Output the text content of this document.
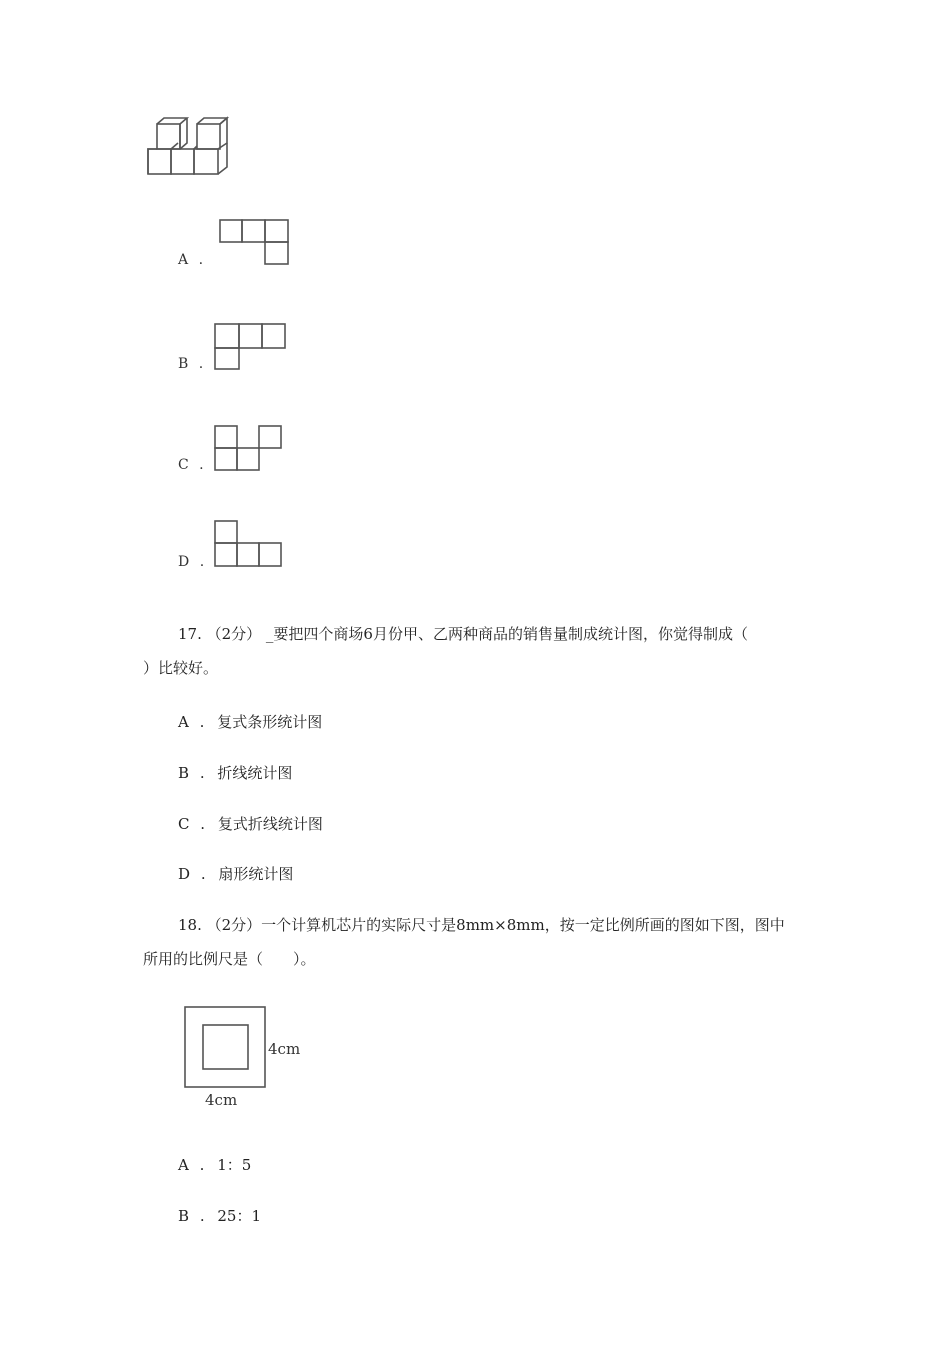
A .
B .
C .
D .
17. （2分） _要把四个商场6月份甲、乙两种商品的销售量制成统计图，你觉得制成（
）比较好。
A . 复式条形统计图
B . 折线统计图
C . 复式折线统计图
D . 扇形统计图
18. （2分）一个计算机芯片的实际尺寸是8mm×8mm，按一定比例所画的图如下图，图中
所用的比例尺是（　　）。
4cm
4cm
A . 1：5
B . 25：1
